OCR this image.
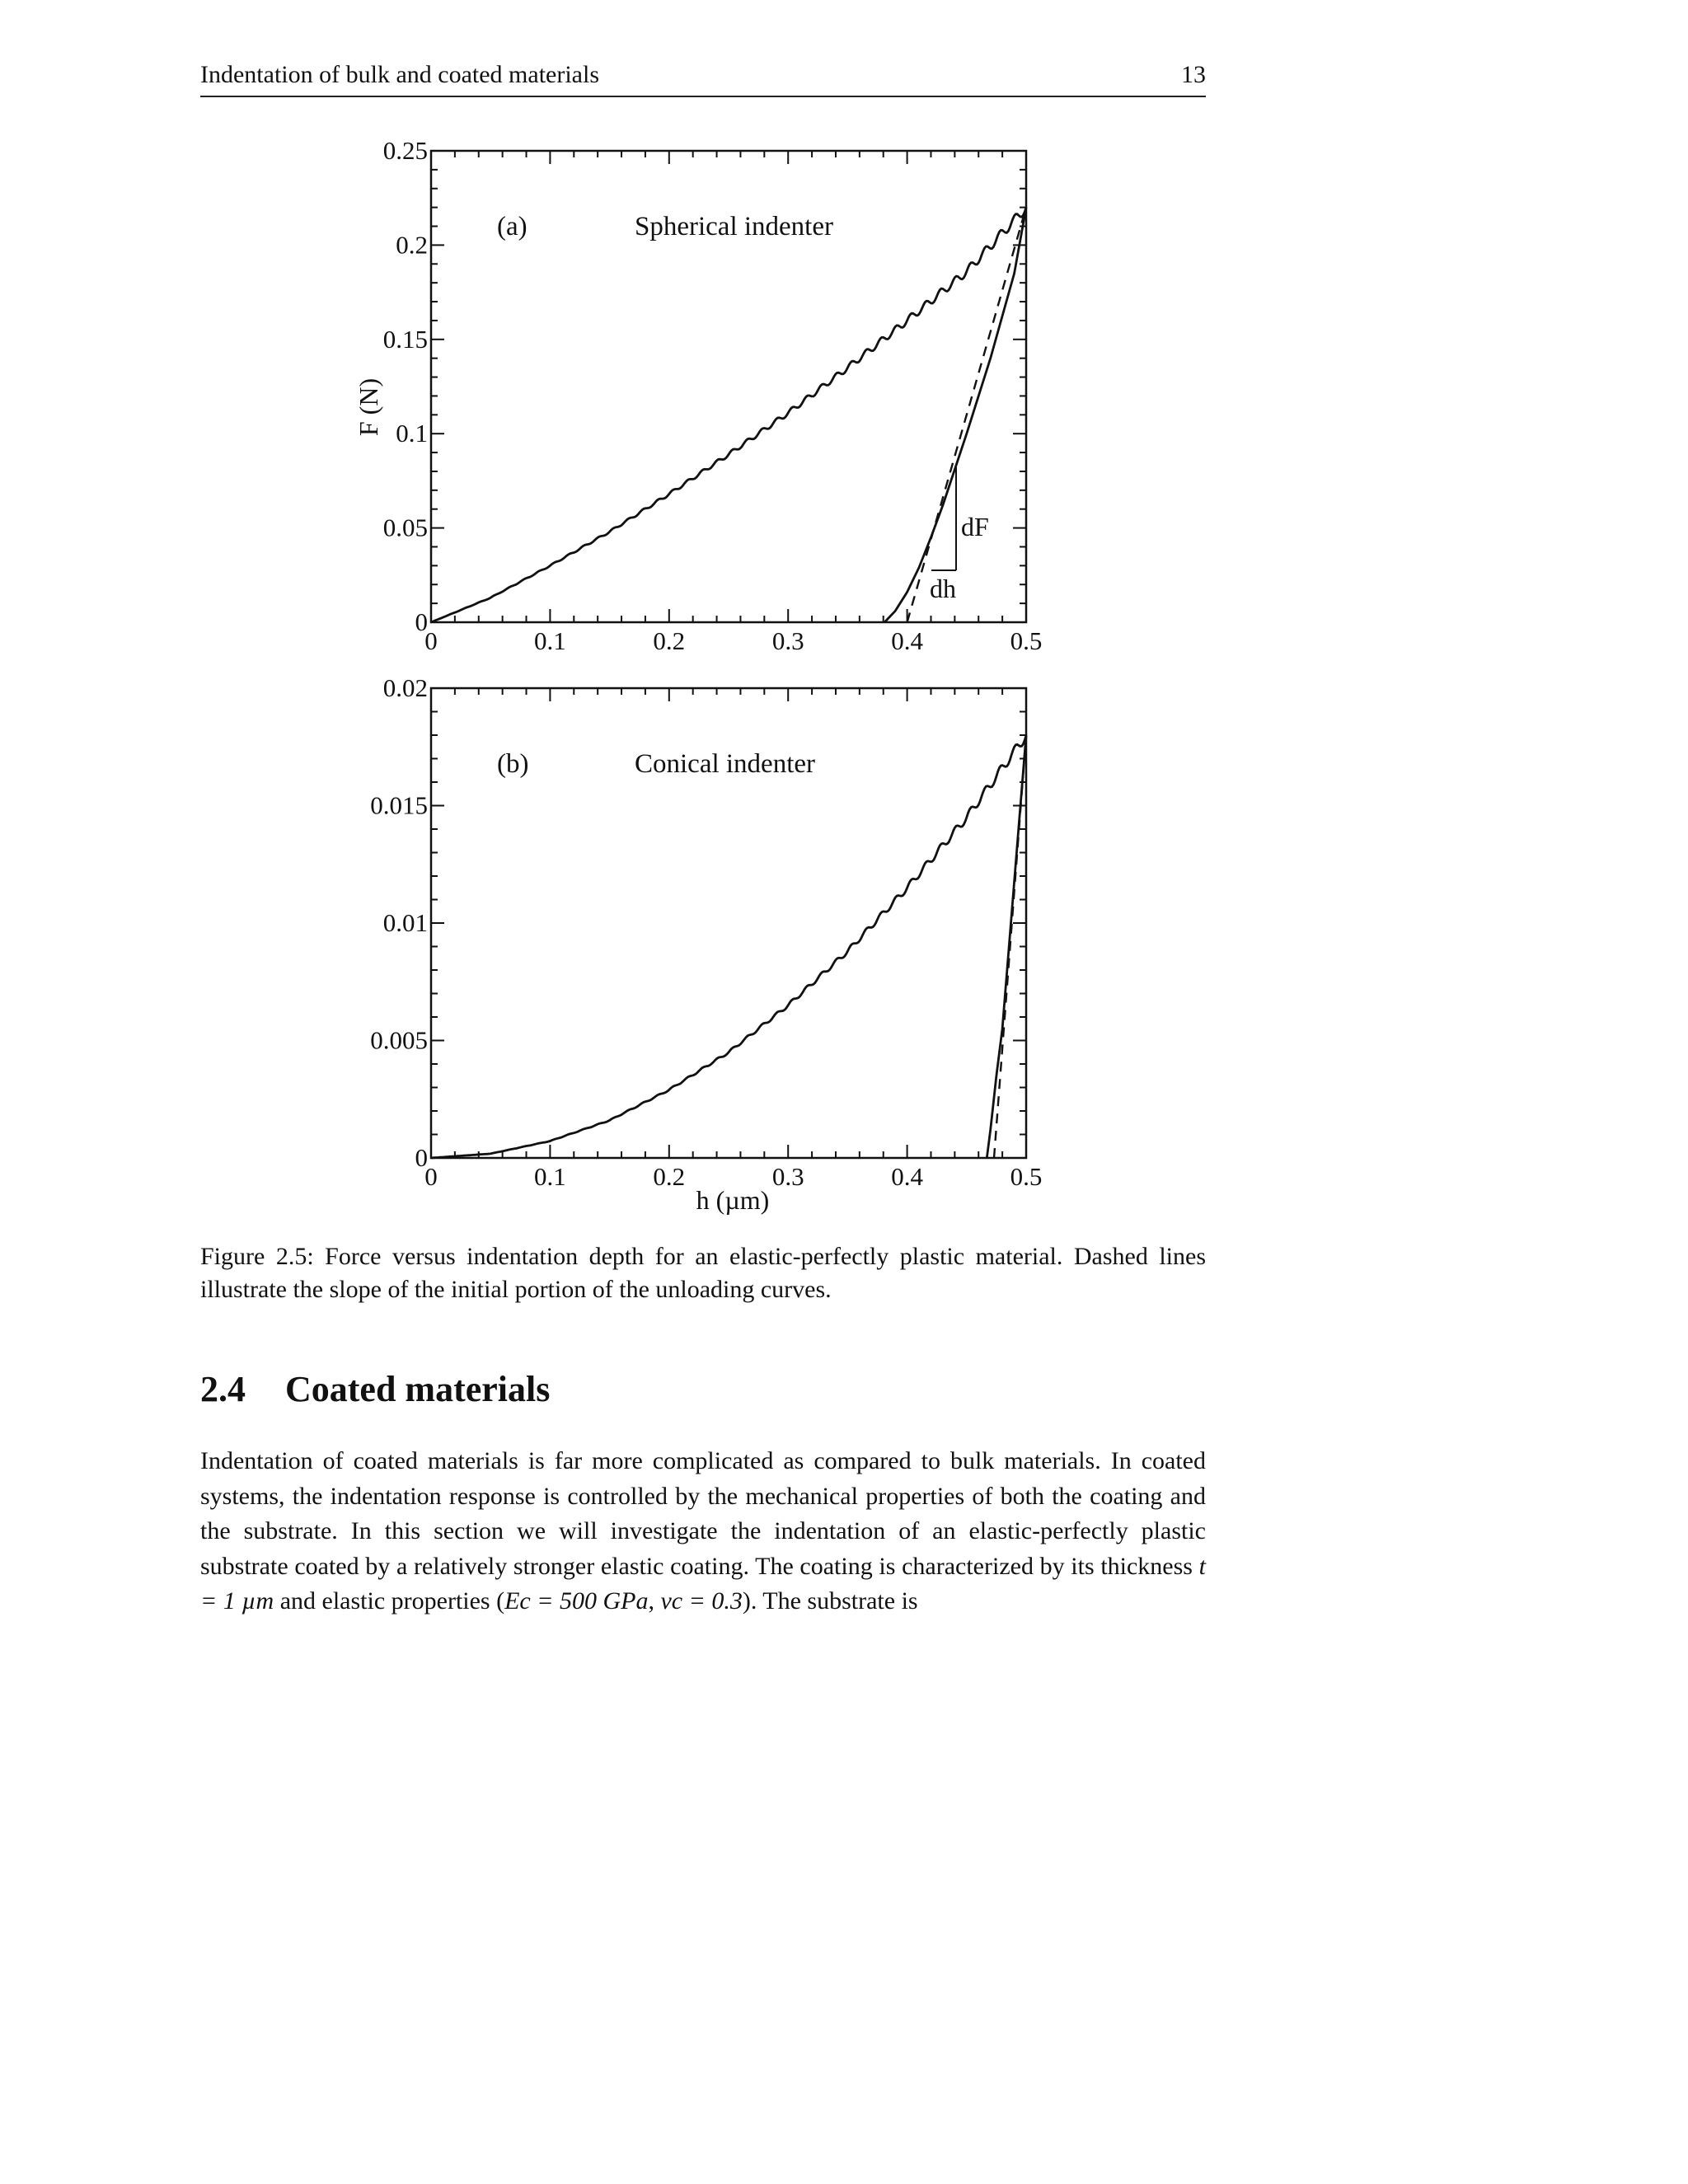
Indentation of bulk and coated materials	13
0	0.1	0.2	0.3	0.4	0.5
0
0.05
0.1
0.15
0.2
0.25
(a)	Spherical indenter
F (N)
dF
dh
0	0.1	0.2	0.3	0.4	0.5
0
0.005
0.01
0.015
0.02
(b)	Conical indenter
h (µm)
Figure 2.5: Force versus indentation depth for an elastic-perfectly plastic material. Dashed lines illustrate the slope of the initial portion of the unloading curves.
2.4 Coated materials
Indentation of coated materials is far more complicated as compared to bulk materials. In coated systems, the indentation response is controlled by the mechanical properties of both the coating and the substrate. In this section we will investigate the indentation of an elastic-perfectly plastic substrate coated by a relatively stronger elastic coating. The coating is characterized by its thickness t = 1 µm and elastic properties (Ec = 500 GPa, νc = 0.3). The substrate is
